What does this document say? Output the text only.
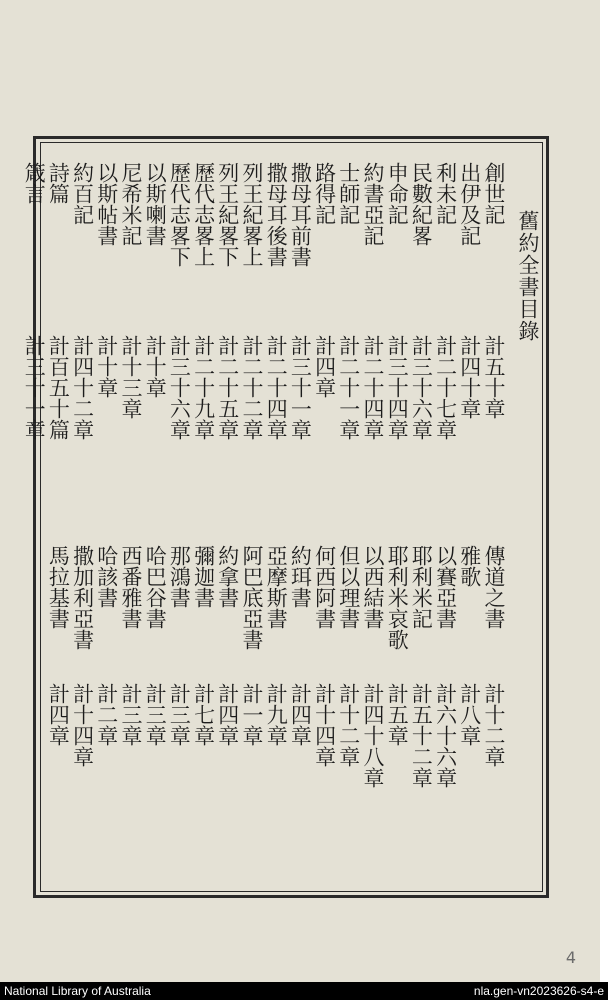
舊約全書目錄
創世記
計五十章
出伊及記
計四十章
利未記
計二十七章
民數紀畧
計三十六章
申命記
計三十四章
約書亞記
計二十四章
士師記
計二十一章
路得記
計四章
撒母耳前書
計三十一章
撒母耳後書
計二十四章
列王紀畧上
計二十二章
列王紀畧下
計二十五章
歷代志畧上
計二十九章
歷代志畧下
計三十六章
以斯喇書
計十章
尼希米記
計十三章
以斯帖書
計十章
約百記
計四十二章
詩篇
計百五十篇
箴言
計三十一章
傳道之書
計十二章
雅歌
計八章
以賽亞書
計六十六章
耶利米記
計五十二章
耶利米哀歌
計五章
以西結書
計四十八章
但以理書
計十二章
何西阿書
計十四章
約珥書
計四章
亞摩斯書
計九章
阿巴底亞書
計一章
約拿書
計四章
彌迦書
計七章
那鴻書
計三章
哈巴谷書
計三章
西番雅書
計三章
哈該書
計二章
撒加利亞書
計十四章
馬拉基書
計四章
4
National Library of Australia	nla.gen-vn2023626-s4-e
